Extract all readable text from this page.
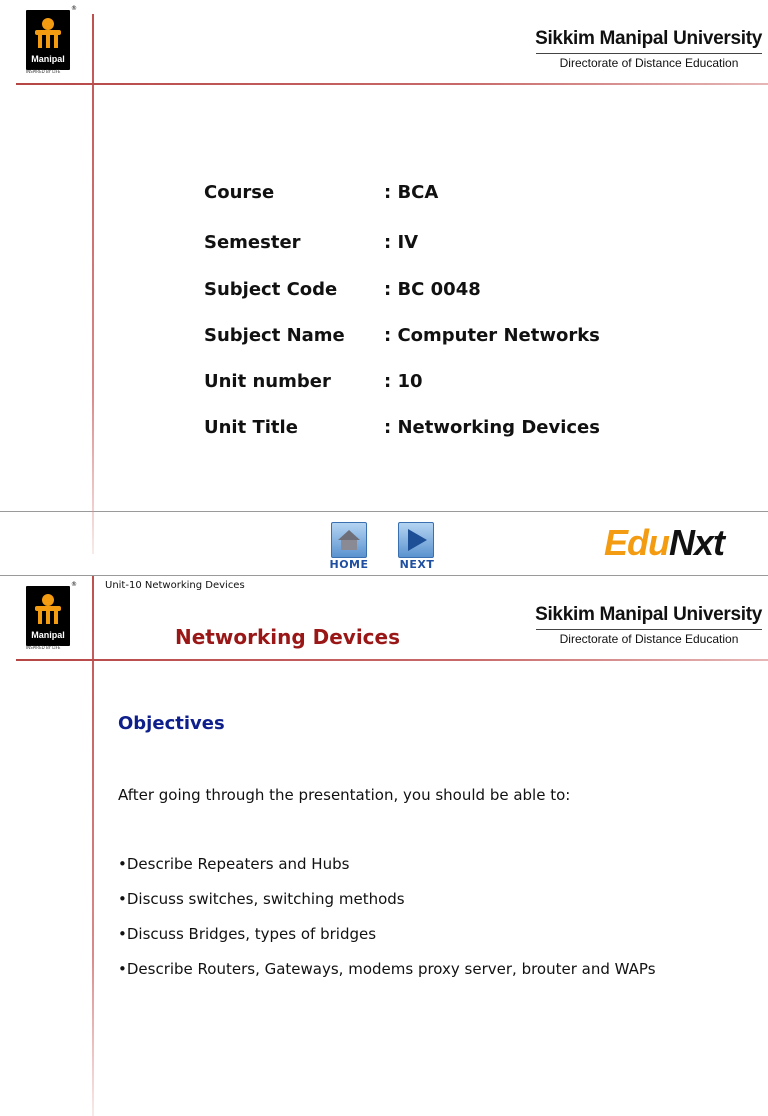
Manipal
INSPIRED BY LIFE
®
Sikkim Manipal University
Directorate of Distance Education
Course	: BCA
Semester	: IV
Subject Code	: BC 0048
Subject Name : Computer Networks
Unit number	: 10
Unit Title	: Networking Devices
HOME	NEXT
EduNxt
Unit-10 Networking Devices
Manipal
INSPIRED BY LIFE
®
Sikkim Manipal University
Directorate of Distance Education
Networking Devices
Objectives
After going through the presentation, you should be able to:
•Describe Repeaters and Hubs
•Discuss switches, switching methods
•Discuss Bridges, types of bridges
•Describe Routers, Gateways, modems proxy server, brouter and WAPs
